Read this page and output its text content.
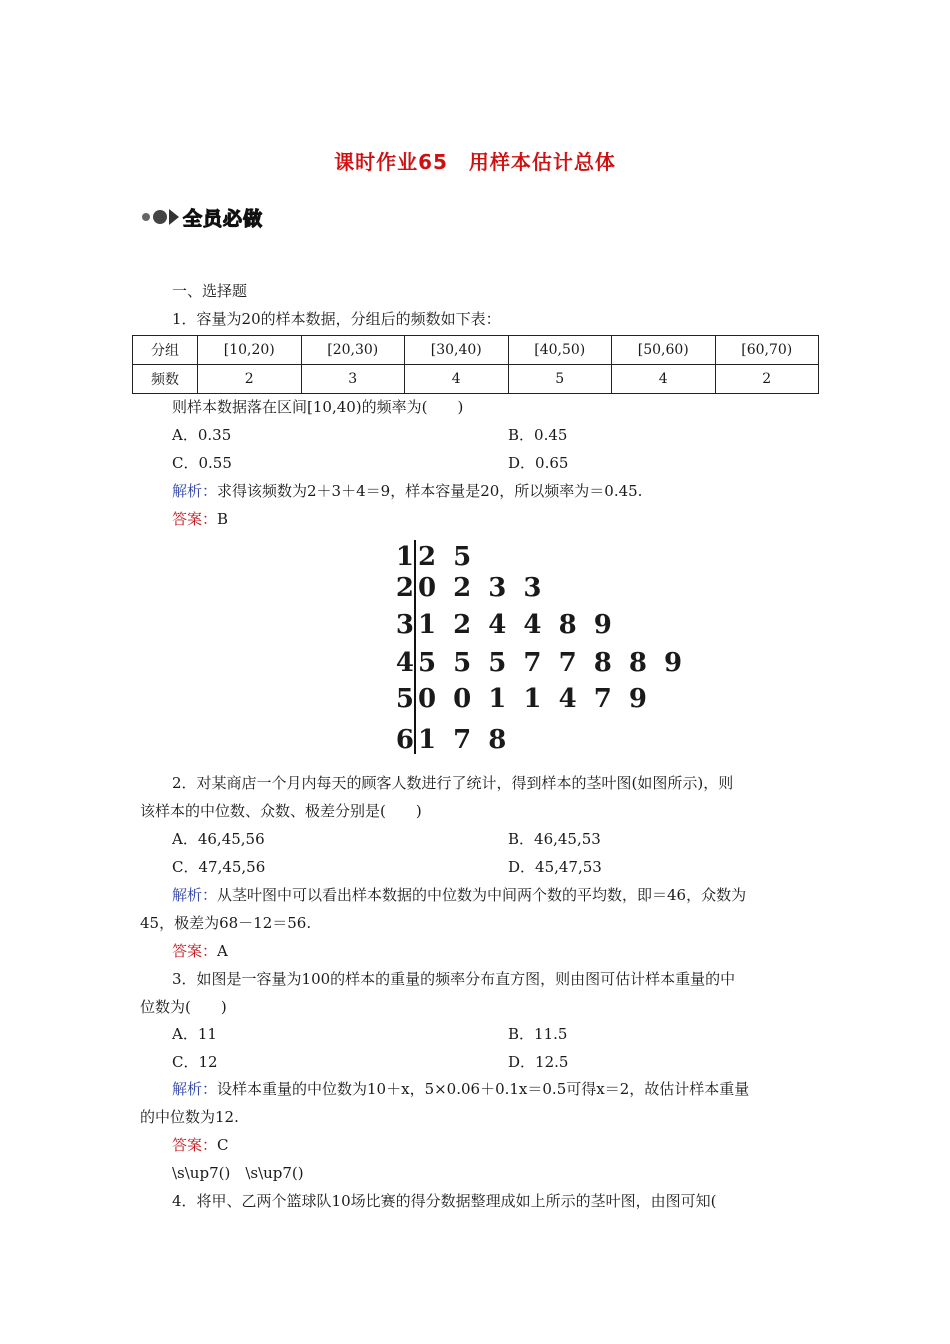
课时作业65　用样本估计总体
全员必做
一、选择题
1．容量为20的样本数据，分组后的频数如下表：
分组	[10,20)	[20,30)	[30,40)	[40,50)	[50,60)	[60,70)
频数	2	3	4	5	4	2
则样本数据落在区间[10,40)的频率为(　　)
A．0.35	B．0.45
C．0.55	D．0.65
解析：求得该频数为2＋3＋4＝9，样本容量是20，所以频率为＝0.45.
答案：B
1 2 5
2 0 2 3 3
3 1 2 4 4 8 9
4 5 5 5 7 7 8 8 9
5 0 0 1 1 4 7 9
6 1 7 8
2．对某商店一个月内每天的顾客人数进行了统计，得到样本的茎叶图(如图所示)，则
该样本的中位数、众数、极差分别是(　　)
A．46,45,56	B．46,45,53
C．47,45,56	D．45,47,53
解析：从茎叶图中可以看出样本数据的中位数为中间两个数的平均数，即＝46，众数为
45，极差为68－12＝56.
答案：A
3．如图是一容量为100的样本的重量的频率分布直方图，则由图可估计样本重量的中
位数为(　　)
A．11	B．11.5
C．12	D．12.5
解析：设样本重量的中位数为10＋x，5×0.06＋0.1x＝0.5可得x＝2，故估计样本重量
的中位数为12.
答案：C
\s\up7()　\s\up7()
4．将甲、乙两个篮球队10场比赛的得分数据整理成如上所示的茎叶图，由图可知(
